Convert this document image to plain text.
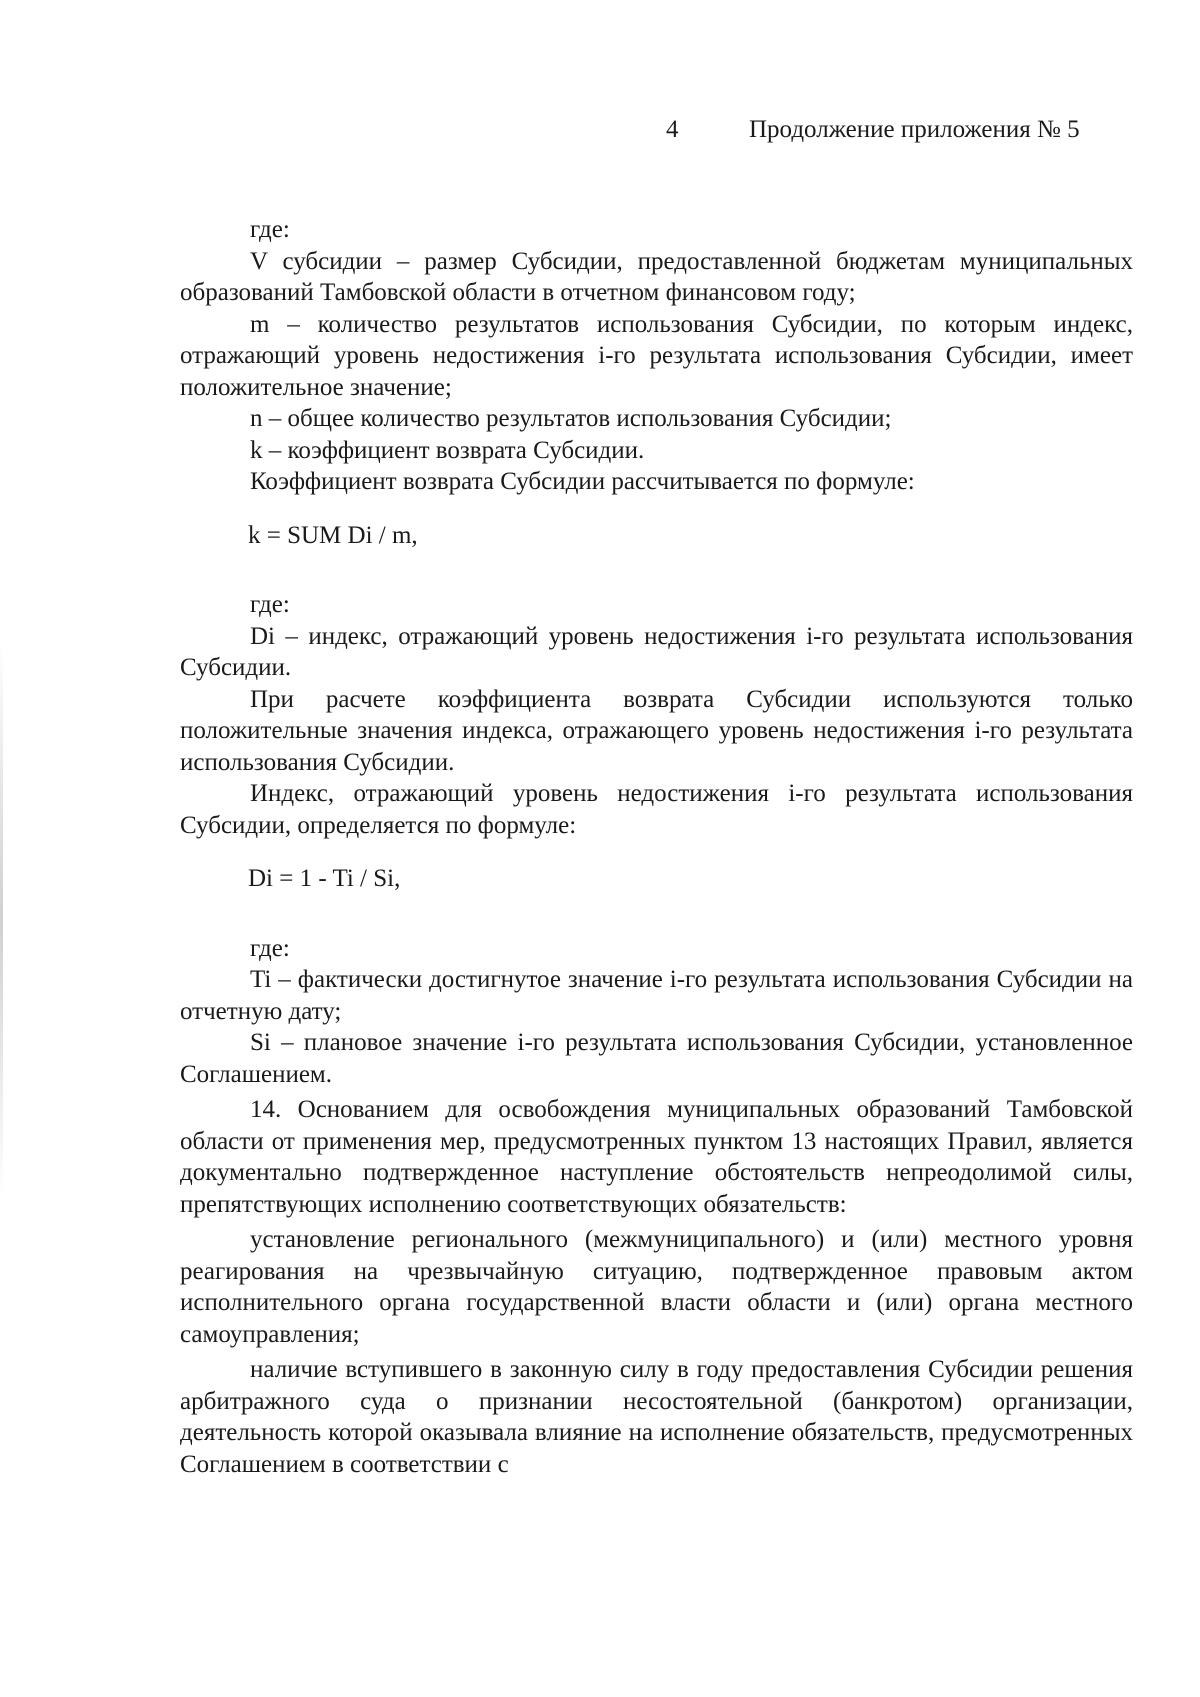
4	Продолжение приложения № 5

где:

V субсидии – размер Субсидии, предоставленной бюджетам муниципальных образований Тамбовской области в отчетном финансовом году;

m – количество результатов использования Субсидии, по которым индекс, отражающий уровень недостижения i-го результата использования Субсидии, имеет положительное значение;

n – общее количество результатов использования Субсидии;

k – коэффициент возврата Субсидии.

Коэффициент возврата Субсидии рассчитывается по формуле:

k = SUM Di / m,

где:

Di – индекс, отражающий уровень недостижения i-го результата использования Субсидии.

При расчете коэффициента возврата Субсидии используются только положительные значения индекса, отражающего уровень недостижения i-го результата использования Субсидии.

Индекс, отражающий уровень недостижения i-го результата использования Субсидии, определяется по формуле:

Di = 1 - Ti / Si,

где:

Ti – фактически достигнутое значение i-го результата использования Субсидии на отчетную дату;

Si – плановое значение i-го результата использования Субсидии, установленное Соглашением.

14. Основанием для освобождения муниципальных образований Тамбовской области от применения мер, предусмотренных пунктом 13 настоящих Правил, является документально подтвержденное наступление обстоятельств непреодолимой силы, препятствующих исполнению соответствующих обязательств:

установление регионального (межмуниципального) и (или) местного уровня реагирования на чрезвычайную ситуацию, подтвержденное правовым актом исполнительного органа государственной власти области и (или) органа местного самоуправления;

наличие вступившего в законную силу в году предоставления Субсидии решения арбитражного суда о признании несостоятельной (банкротом) организации, деятельность которой оказывала влияние на исполнение обязательств, предусмотренных Соглашением в соответствии с
